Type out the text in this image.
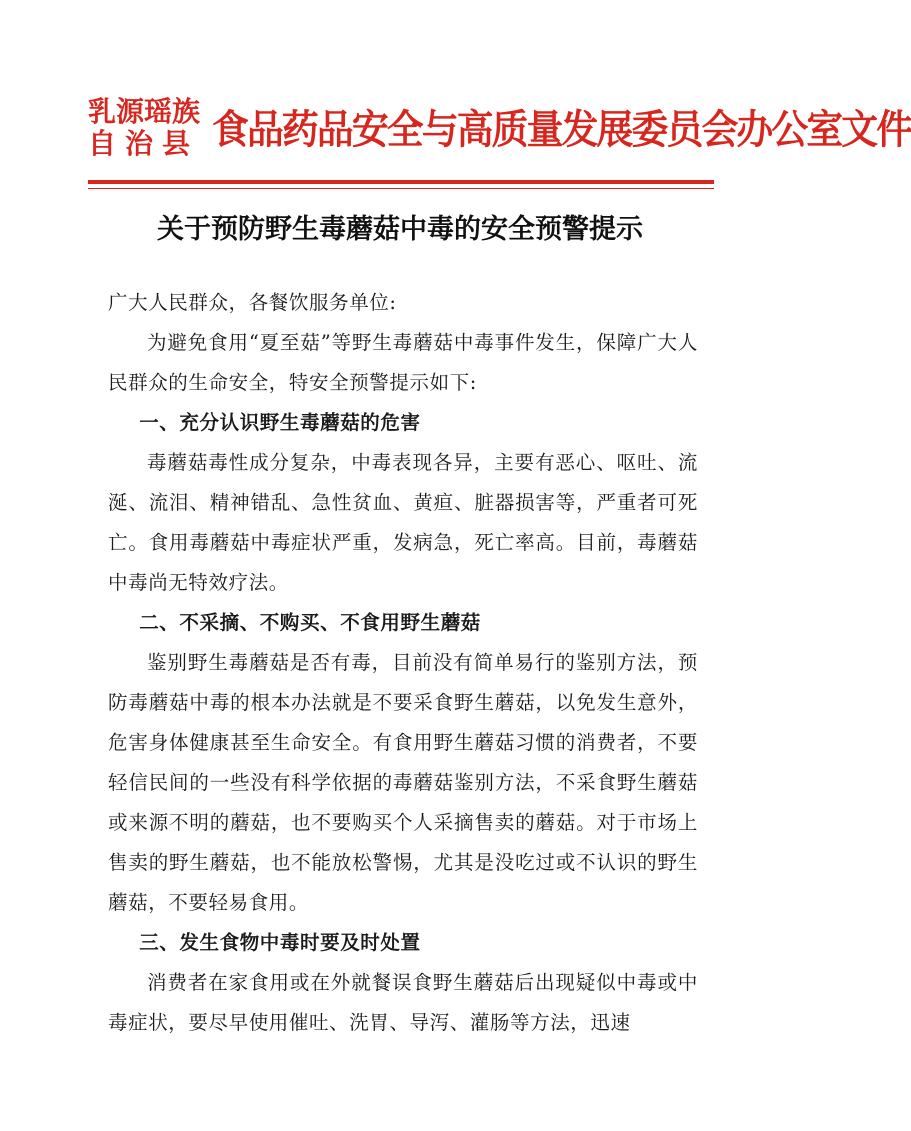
乳源瑶族
自治县 食品药品安全与高质量发展委员会办公室文件
关于预防野生毒蘑菇中毒的安全预警提示

广大人民群众，各餐饮服务单位:

为避免食用“夏至菇”等野生毒蘑菇中毒事件发生，保障广大人民群众的生命安全，特安全预警提示如下:

一、充分认识野生毒蘑菇的危害

毒蘑菇毒性成分复杂，中毒表现各异，主要有恶心、呕吐、流涎、流泪、精神错乱、急性贫血、黄疸、脏器损害等，严重者可死亡。食用毒蘑菇中毒症状严重，发病急，死亡率高。目前，毒蘑菇中毒尚无特效疗法。

二、不采摘、不购买、不食用野生蘑菇

鉴别野生毒蘑菇是否有毒，目前没有简单易行的鉴别方法，预防毒蘑菇中毒的根本办法就是不要采食野生蘑菇，以免发生意外，危害身体健康甚至生命安全。有食用野生蘑菇习惯的消费者，不要轻信民间的一些没有科学依据的毒蘑菇鉴别方法，不采食野生蘑菇或来源不明的蘑菇，也不要购买个人采摘售卖的蘑菇。对于市场上售卖的野生蘑菇，也不能放松警惕，尤其是没吃过或不认识的野生蘑菇，不要轻易食用。

三、发生食物中毒时要及时处置

消费者在家食用或在外就餐误食野生蘑菇后出现疑似中毒或中毒症状，要尽早使用催吐、洗胃、导泻、灌肠等方法，迅速
